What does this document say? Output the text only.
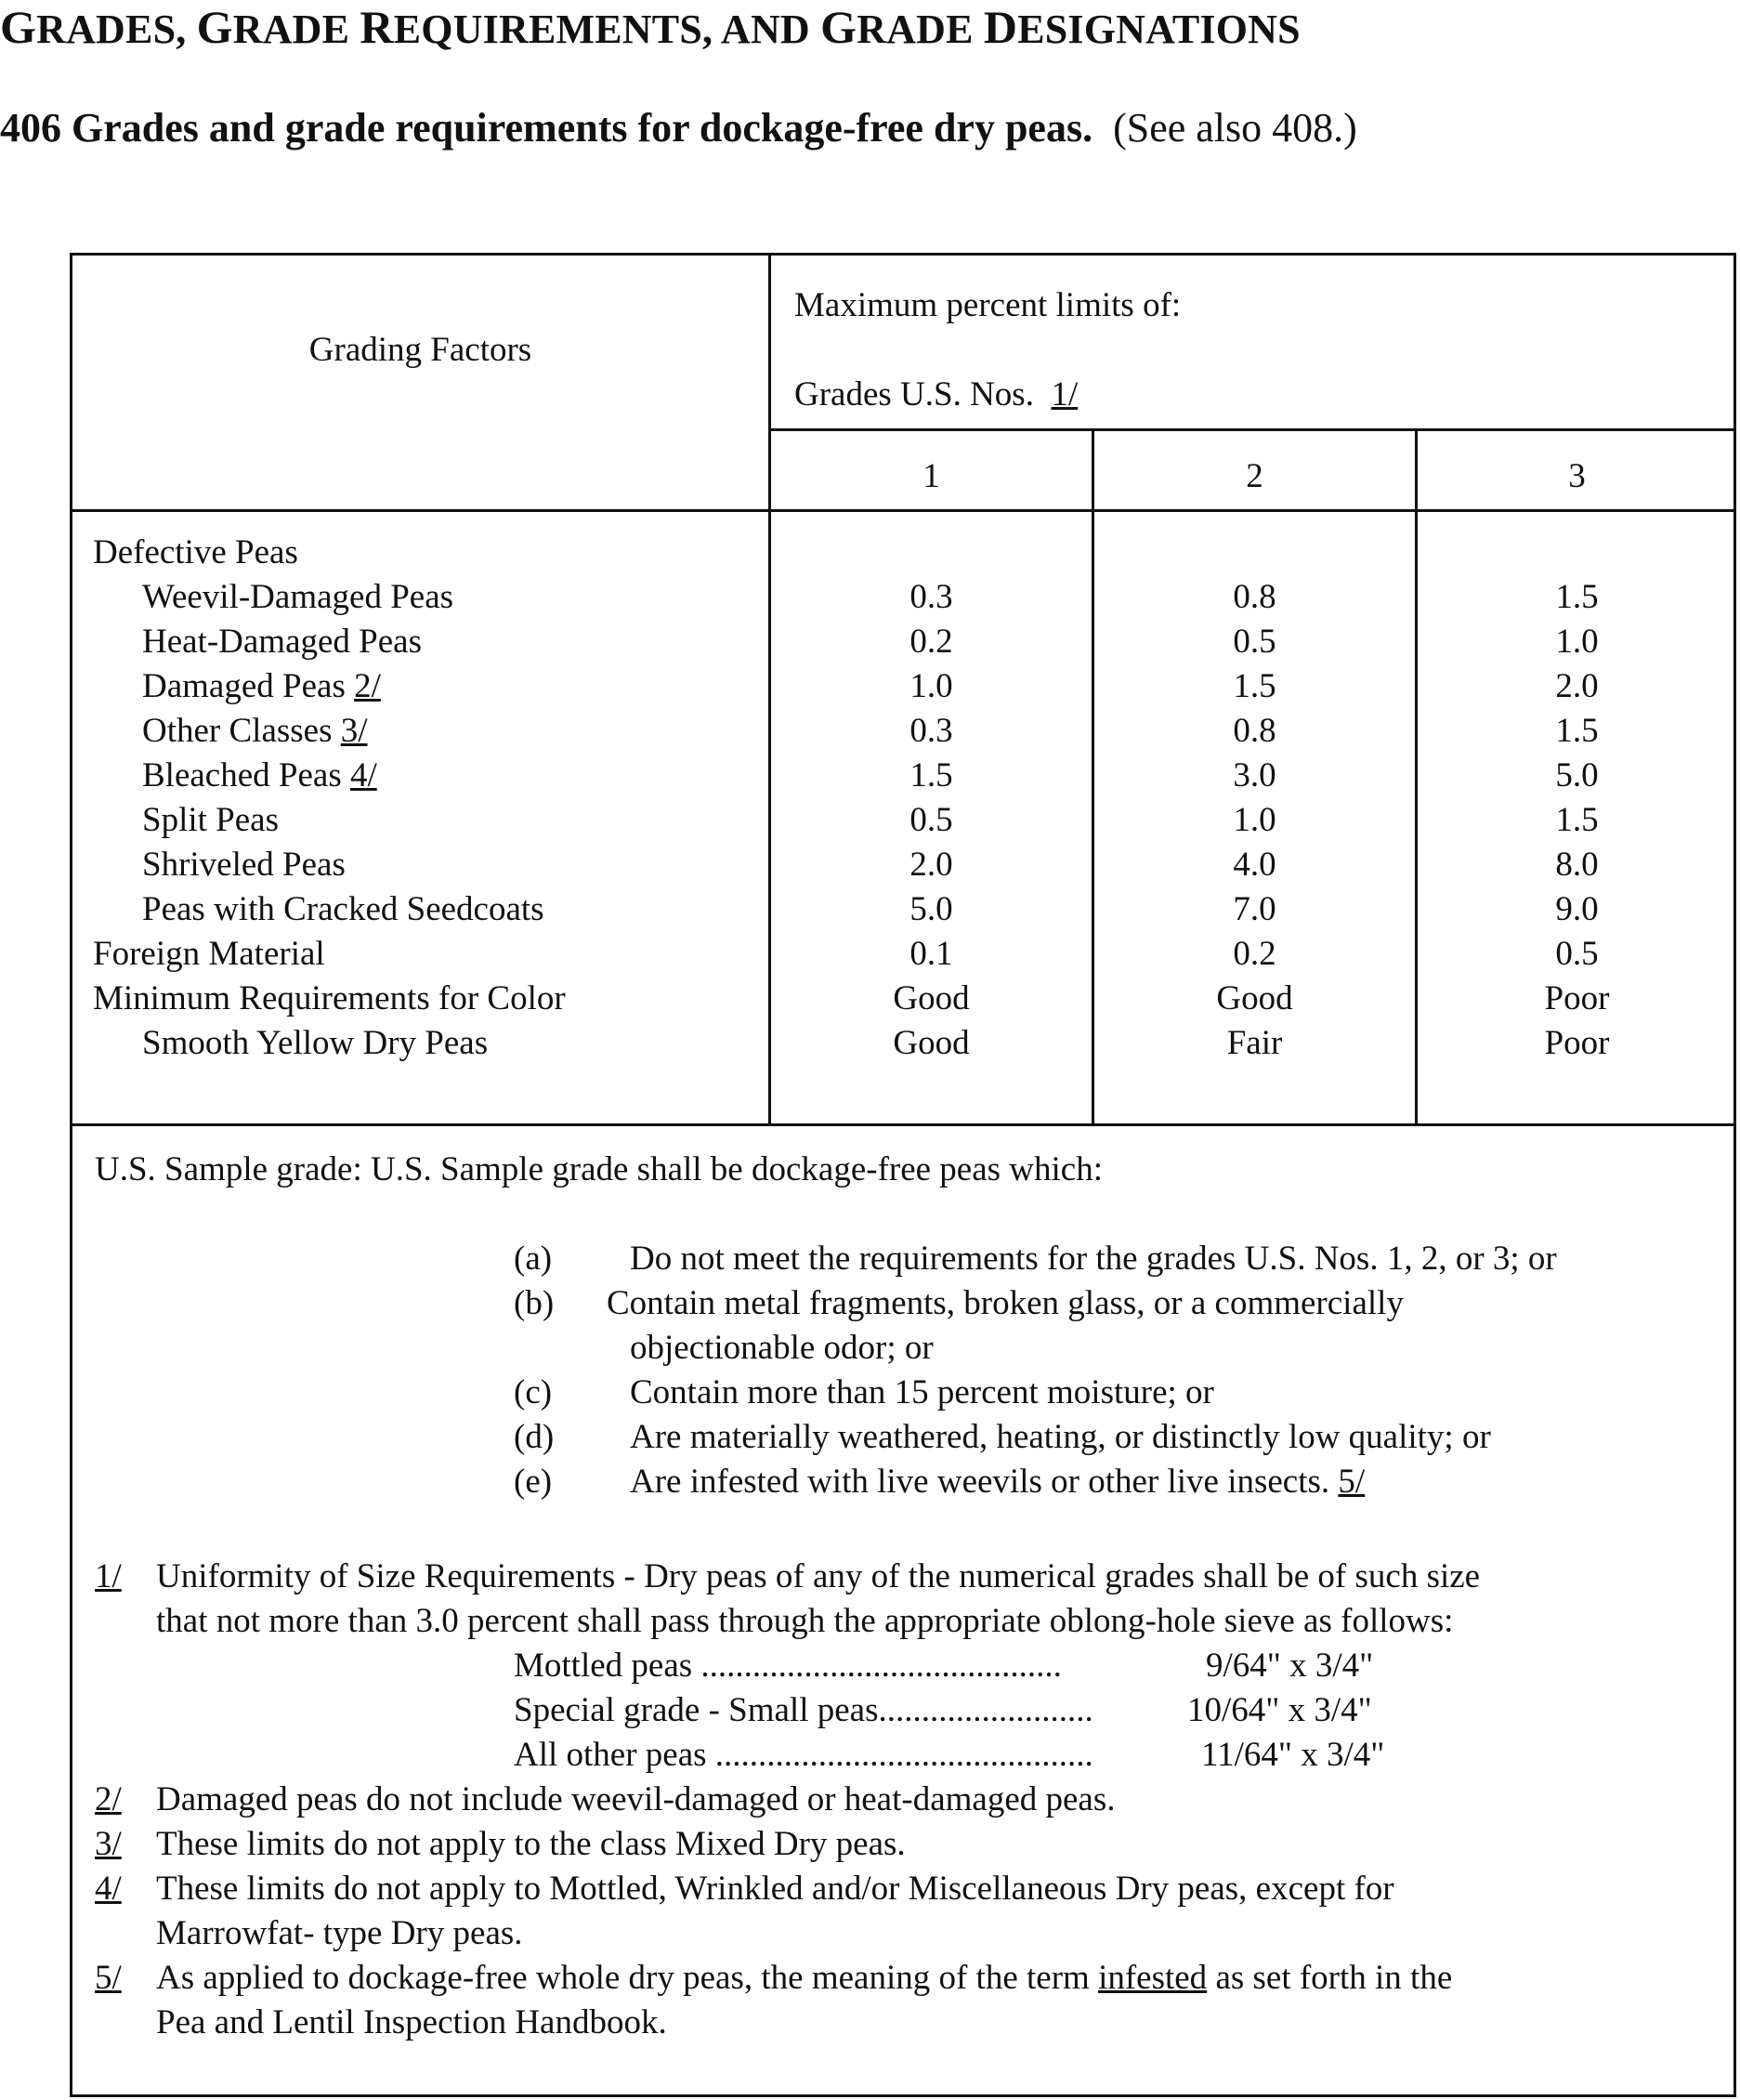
GRADES, GRADE REQUIREMENTS, AND GRADE DESIGNATIONS
406 Grades and grade requirements for dockage-free dry peas. (See also 408.)
Grading Factors
Maximum percent limits of:
Grades U.S. Nos. 1/
1	2	3
Defective Peas
Weevil-Damaged Peas	0.3	0.8	1.5
Heat-Damaged Peas	0.2	0.5	1.0
Damaged Peas 2/	1.0	1.5	2.0
Other Classes 3/	0.3	0.8	1.5
Bleached Peas 4/	1.5	3.0	5.0
Split Peas	0.5	1.0	1.5
Shriveled Peas	2.0	4.0	8.0
Peas with Cracked Seedcoats	5.0	7.0	9.0
Foreign Material	0.1	0.2	0.5
Minimum Requirements for Color	Good	Good	Poor
Smooth Yellow Dry Peas	Good	Fair	Poor
U.S. Sample grade: U.S. Sample grade shall be dockage-free peas which:
(a) Do not meet the requirements for the grades U.S. Nos. 1, 2, or 3; or
(b) Contain metal fragments, broken glass, or a commercially
objectionable odor; or
(c) Contain more than 15 percent moisture; or
(d) Are materially weathered, heating, or distinctly low quality; or
(e) Are infested with live weevils or other live insects. 5/
1/ Uniformity of Size Requirements - Dry peas of any of the numerical grades shall be of such size
that not more than 3.0 percent shall pass through the appropriate oblong-hole sieve as follows:
Mottled peas ..........................................	9/64" x 3/4"
Special grade - Small peas.........................	10/64" x 3/4"
All other peas ............................................	11/64" x 3/4"
2/ Damaged peas do not include weevil-damaged or heat-damaged peas.
3/ These limits do not apply to the class Mixed Dry peas.
4/ These limits do not apply to Mottled, Wrinkled and/or Miscellaneous Dry peas, except for
Marrowfat- type Dry peas.
5/ As applied to dockage-free whole dry peas, the meaning of the term infested as set forth in the
Pea and Lentil Inspection Handbook.
